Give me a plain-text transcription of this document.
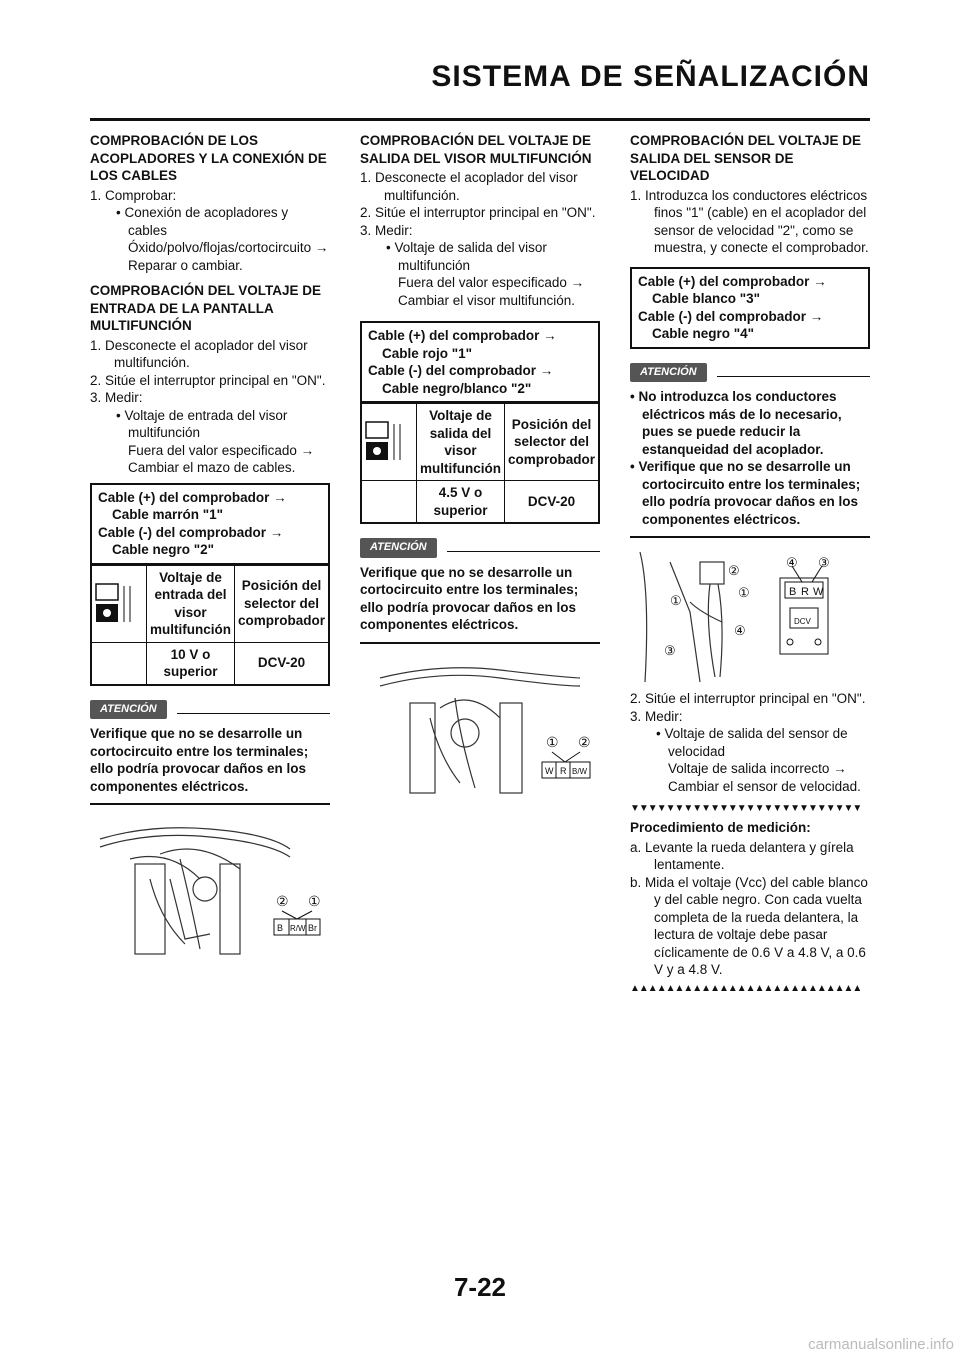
SISTEMA DE SEÑALIZACIÓN
COMPROBACIÓN DE LOS ACOPLADORES Y LA CONEXIÓN DE LOS CABLES
1. Comprobar:
• Conexión de acopladores y cables
Óxido/polvo/flojas/cortocircuito →
Reparar o cambiar.
COMPROBACIÓN DEL VOLTAJE DE ENTRADA DE LA PANTALLA MULTIFUNCIÓN
1. Desconecte el acoplador del visor multifunción.
2. Sitúe el interruptor principal en "ON".
3. Medir:
• Voltaje de entrada del visor multifunción
Fuera del valor especificado →
Cambiar el mazo de cables.
Cable (+) del comprobador → Cable marrón "1"
Cable (-) del comprobador → Cable negro "2"
	Voltaje de entrada del visor multifunción	Posición del selector del comprobador
	10 V o superior	DCV-20
ATENCIÓN
Verifique que no se desarrolle un cortocircuito entre los terminales; ello podría provocar daños en los componentes eléctricos.
② ①
B R/W Br
COMPROBACIÓN DEL VOLTAJE DE SALIDA DEL VISOR MULTIFUNCIÓN
1. Desconecte el acoplador del visor multifunción.
2. Sitúe el interruptor principal en "ON".
3. Medir:
• Voltaje de salida del visor multifunción
Fuera del valor especificado →
Cambiar el visor multifunción.
Cable (+) del comprobador → Cable rojo "1"
Cable (-) del comprobador → Cable negro/blanco "2"
	Voltaje de salida del visor multifunción	Posición del selector del comprobador
	4.5 V o superior	DCV-20
ATENCIÓN
Verifique que no se desarrolle un cortocircuito entre los terminales; ello podría provocar daños en los componentes eléctricos.
① ②
W R B/W
COMPROBACIÓN DEL VOLTAJE DE SALIDA DEL SENSOR DE VELOCIDAD
1. Introduzca los conductores eléctricos finos "1" (cable) en el acoplador del sensor de velocidad "2", como se muestra, y conecte el comprobador.
Cable (+) del comprobador → Cable blanco "3"
Cable (-) del comprobador → Cable negro "4"
ATENCIÓN
• No introduzca los conductores eléctricos más de lo necesario, pues se puede reducir la estanqueidad del acoplador.
• Verifique que no se desarrolle un cortocircuito entre los terminales; ello podría provocar daños en los componentes eléctricos.
②
①
①
④
③
④ ③
B R W
DCV
2. Sitúe el interruptor principal en "ON".
3. Medir:
• Voltaje de salida del sensor de velocidad
Voltaje de salida incorrecto →
Cambiar el sensor de velocidad.
▼▼▼▼▼▼▼▼▼▼▼▼▼▼▼▼▼▼▼▼▼▼▼▼▼▼
Procedimiento de medición:
a. Levante la rueda delantera y gírela lentamente.
b. Mida el voltaje (Vcc) del cable blanco y del cable negro. Con cada vuelta completa de la rueda delantera, la lectura de voltaje debe pasar cíclicamente de 0.6 V a 4.8 V, a 0.6 V y a 4.8 V.
▲▲▲▲▲▲▲▲▲▲▲▲▲▲▲▲▲▲▲▲▲▲▲▲▲▲
7-22
carmanualsonline.info
